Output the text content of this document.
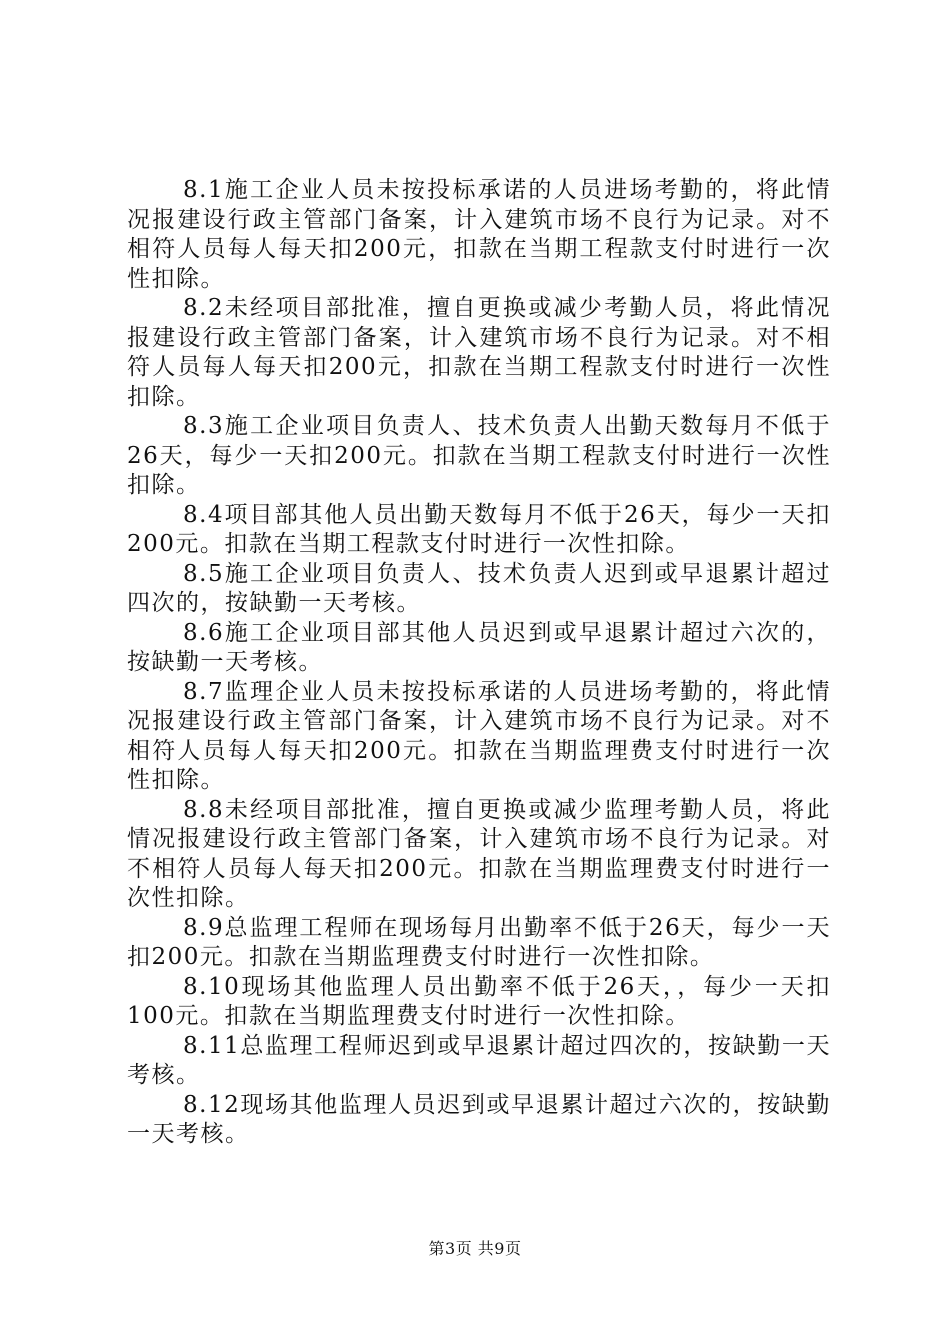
8.1施工企业人员未按投标承诺的人员进场考勤的，将此情况报建设行政主管部门备案，计入建筑市场不良行为记录。对不相符人员每人每天扣200元，扣款在当期工程款支付时进行一次性扣除。

8.2未经项目部批准，擅自更换或减少考勤人员，将此情况报建设行政主管部门备案，计入建筑市场不良行为记录。对不相符人员每人每天扣200元，扣款在当期工程款支付时进行一次性扣除。

8.3施工企业项目负责人、技术负责人出勤天数每月不低于26天，每少一天扣200元。扣款在当期工程款支付时进行一次性扣除。

8.4项目部其他人员出勤天数每月不低于26天，每少一天扣200元。扣款在当期工程款支付时进行一次性扣除。

8.5施工企业项目负责人、技术负责人迟到或早退累计超过四次的，按缺勤一天考核。

8.6施工企业项目部其他人员迟到或早退累计超过六次的，按缺勤一天考核。

8.7监理企业人员未按投标承诺的人员进场考勤的，将此情况报建设行政主管部门备案，计入建筑市场不良行为记录。对不相符人员每人每天扣200元。扣款在当期监理费支付时进行一次性扣除。

8.8未经项目部批准，擅自更换或减少监理考勤人员，将此情况报建设行政主管部门备案，计入建筑市场不良行为记录。对不相符人员每人每天扣200元。扣款在当期监理费支付时进行一次性扣除。

8.9总监理工程师在现场每月出勤率不低于26天，每少一天扣200元。扣款在当期监理费支付时进行一次性扣除。

8.10现场其他监理人员出勤率不低于26天，，每少一天扣100元。扣款在当期监理费支付时进行一次性扣除。

8.11总监理工程师迟到或早退累计超过四次的，按缺勤一天考核。

8.12现场其他监理人员迟到或早退累计超过六次的，按缺勤一天考核。

第3页 共9页
